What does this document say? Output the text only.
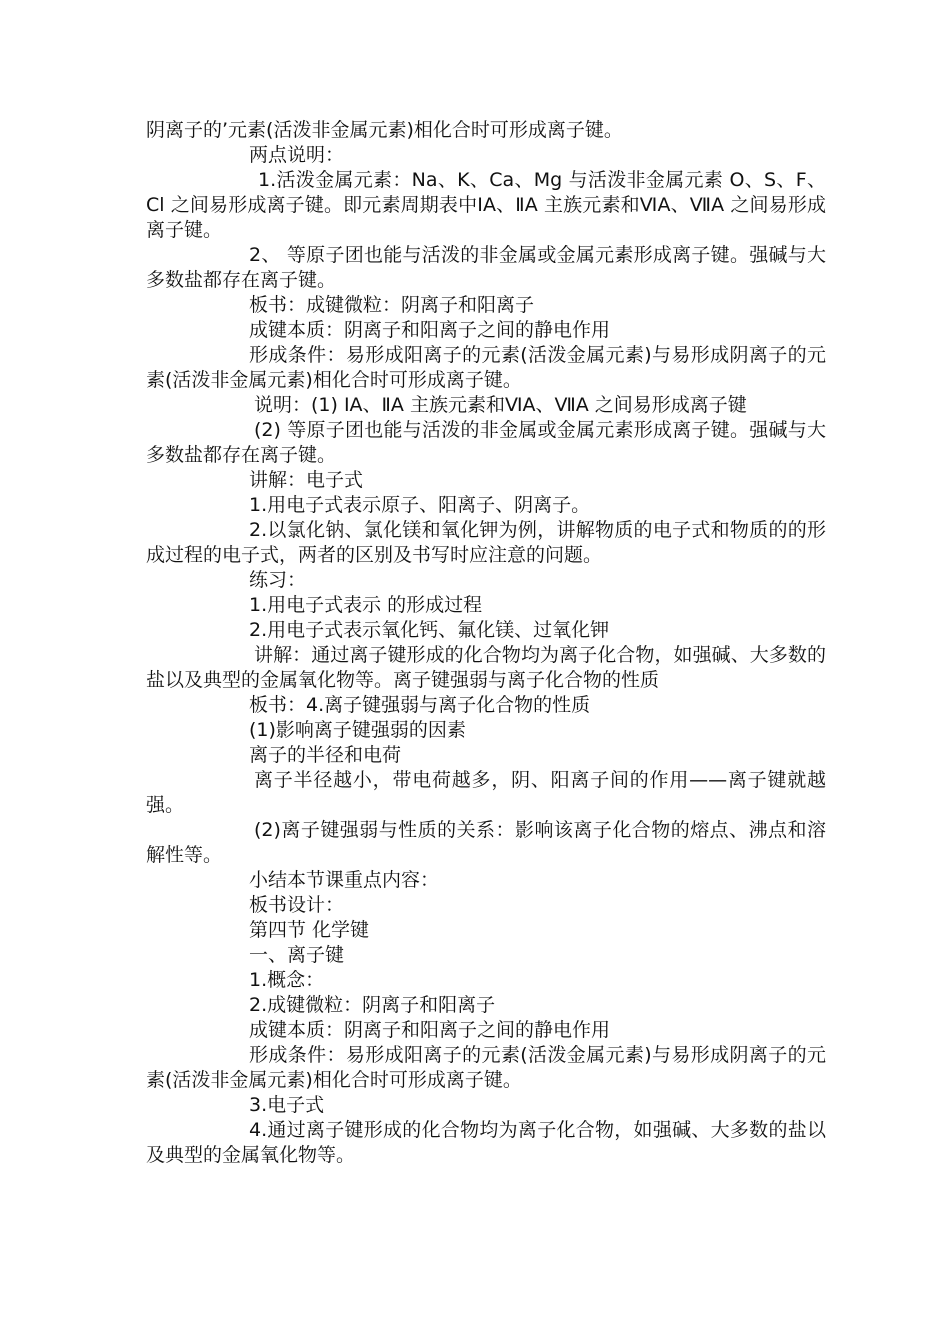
阴离子的’元素(活泼非金属元素)相化合时可形成离子键。

两点说明：

1.活泼金属元素：Na、K、Ca、Mg 与活泼非金属元素 O、S、F、Cl 之间易形成离子键。即元素周期表中ⅠA、ⅡA 主族元素和ⅥA、ⅦA 之间易形成离子键。

2、 等原子团也能与活泼的非金属或金属元素形成离子键。强碱与大多数盐都存在离子键。

板书：成键微粒：阴离子和阳离子

成键本质：阴离子和阳离子之间的静电作用

形成条件：易形成阳离子的元素(活泼金属元素)与易形成阴离子的元素(活泼非金属元素)相化合时可形成离子键。

说明：(1) ⅠA、ⅡA 主族元素和ⅥA、ⅦA 之间易形成离子键

(2) 等原子团也能与活泼的非金属或金属元素形成离子键。强碱与大多数盐都存在离子键。

讲解：电子式

1.用电子式表示原子、阳离子、阴离子。

2.以氯化钠、氯化镁和氧化钾为例，讲解物质的电子式和物质的的形成过程的电子式，两者的区别及书写时应注意的问题。

练习：

1.用电子式表示 的形成过程

2.用电子式表示氧化钙、氟化镁、过氧化钾

讲解：通过离子键形成的化合物均为离子化合物，如强碱、大多数的盐以及典型的金属氧化物等。离子键强弱与离子化合物的性质

板书：4.离子键强弱与离子化合物的性质

(1)影响离子键强弱的因素

离子的半径和电荷

离子半径越小，带电荷越多，阴、阳离子间的作用——离子键就越强。

(2)离子键强弱与性质的关系：影响该离子化合物的熔点、沸点和溶解性等。

小结本节课重点内容：

板书设计：

第四节 化学键

一、离子键

1.概念：

2.成键微粒：阴离子和阳离子

成键本质：阴离子和阳离子之间的静电作用

形成条件：易形成阳离子的元素(活泼金属元素)与易形成阴离子的元素(活泼非金属元素)相化合时可形成离子键。

3.电子式

4.通过离子键形成的化合物均为离子化合物，如强碱、大多数的盐以及典型的金属氧化物等。
